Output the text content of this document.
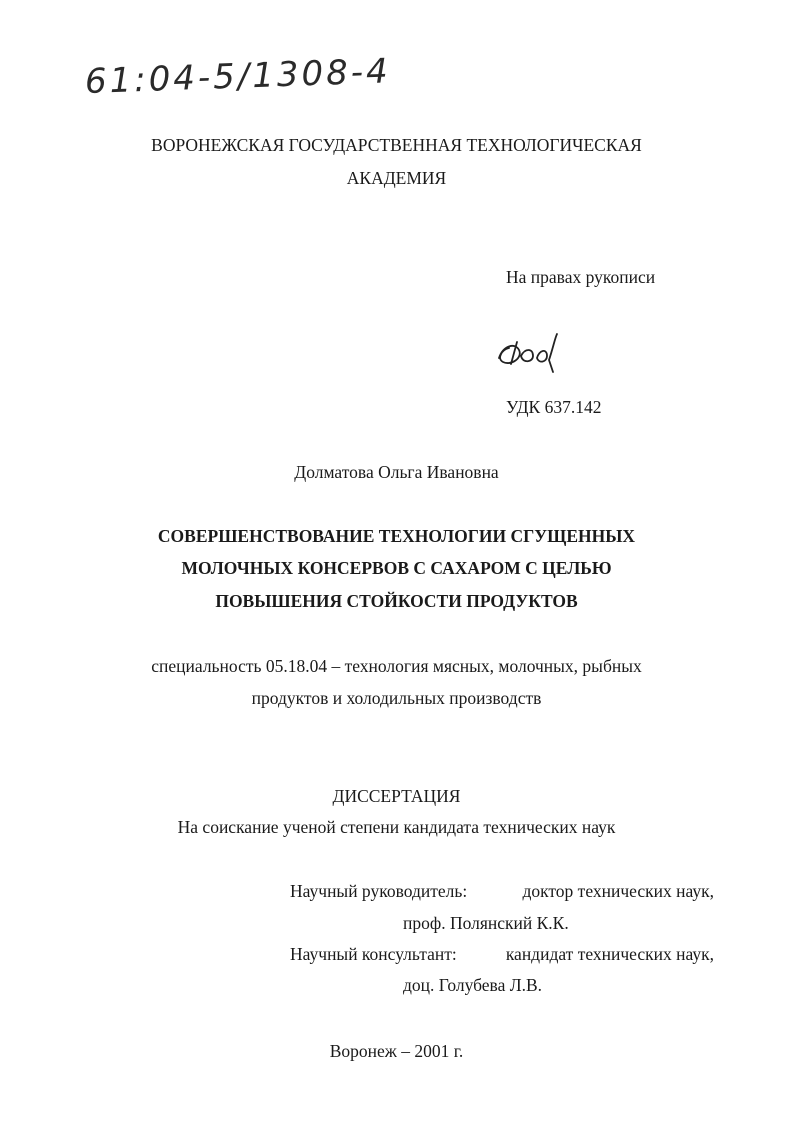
61:04-5/1308-4
ВОРОНЕЖСКАЯ ГОСУДАРСТВЕННАЯ ТЕХНОЛОГИЧЕСКАЯ
АКАДЕМИЯ
На правах рукописи
УДК 637.142
Долматова Ольга Ивановна
СОВЕРШЕНСТВОВАНИЕ ТЕХНОЛОГИИ СГУЩЕННЫХ
МОЛОЧНЫХ КОНСЕРВОВ С САХАРОМ С ЦЕЛЬЮ
ПОВЫШЕНИЯ СТОЙКОСТИ ПРОДУКТОВ
специальность 05.18.04 – технология мясных, молочных, рыбных
продуктов и холодильных производств
ДИССЕРТАЦИЯ
На соискание ученой степени кандидата технических наук
Научный руководитель:	доктор технических наук,
проф. Полянский К.К.
Научный консультант:	кандидат технических наук,
доц. Голубева Л.В.
Воронеж – 2001 г.
